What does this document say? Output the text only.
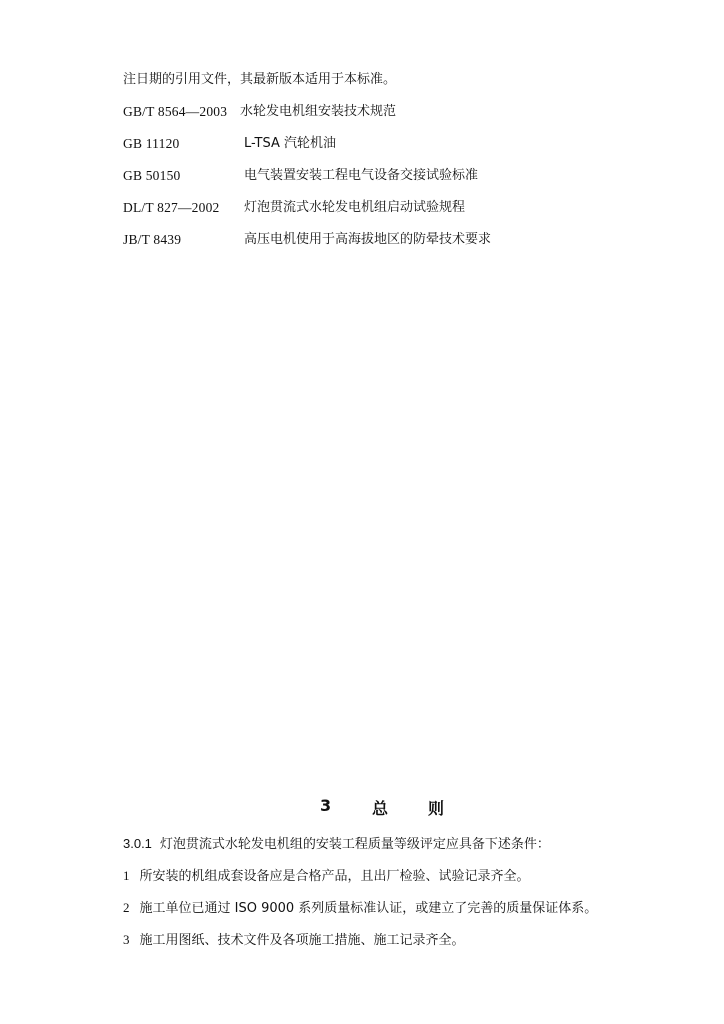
注日期的引用文件，其最新版本适用于本标准。
GB/T 8564—2003 水轮发电机组安装技术规范
GB 11120	L-TSA 汽轮机油
GB 50150	电气装置安装工程电气设备交接试验标准
DL/T 827—2002 灯泡贯流式水轮发电机组启动试验规程
JB/T 8439	高压电机使用于高海拔地区的防晕技术要求
3	总 则
3.0.1 灯泡贯流式水轮发电机组的安装工程质量等级评定应具备下述条件：
1 所安装的机组成套设备应是合格产品，且出厂检验、试验记录齐全。
2 施工单位已通过 ISO 9000 系列质量标准认证，或建立了完善的质量保证体系。
3 施工用图纸、技术文件及各项施工措施、施工记录齐全。
